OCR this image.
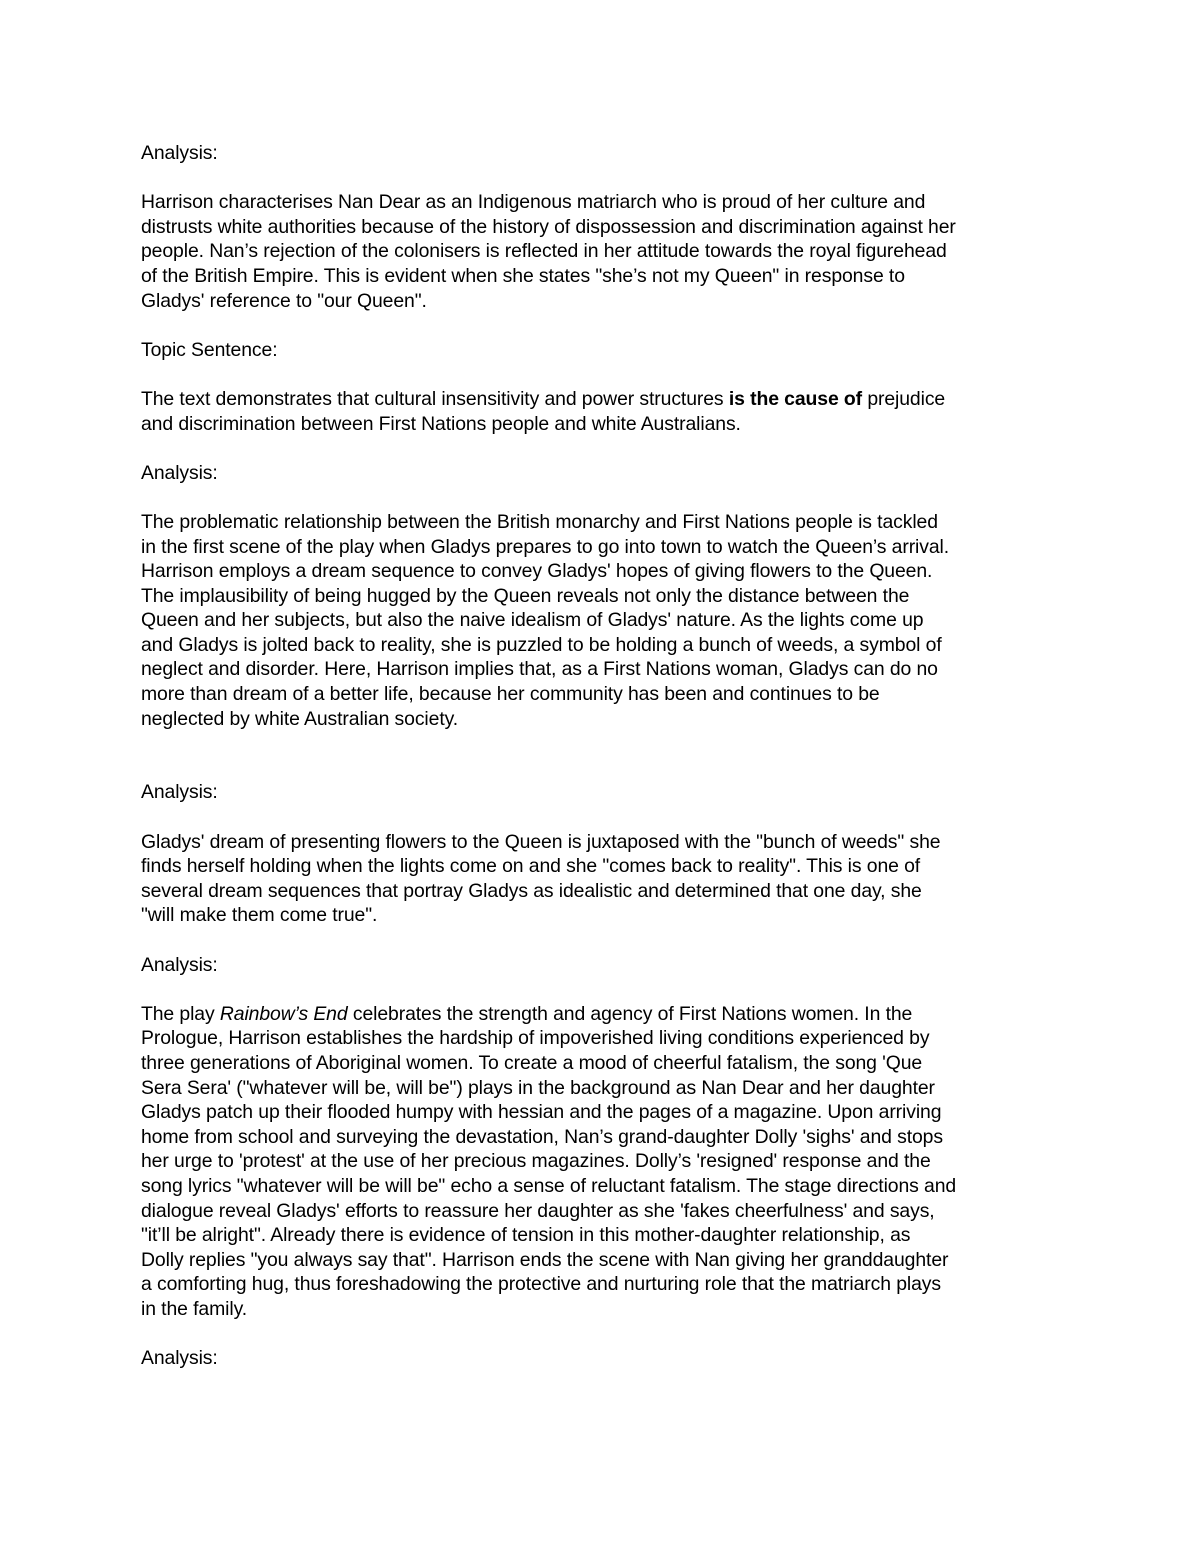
Analysis:
Harrison characterises Nan Dear as an Indigenous matriarch who is proud of her culture and
distrusts white authorities because of the history of dispossession and discrimination against her
people. Nan’s rejection of the colonisers is reflected in her attitude towards the royal figurehead
of the British Empire. This is evident when she states "she’s not my Queen" in response to
Gladys' reference to "our Queen".
Topic Sentence:
The text demonstrates that cultural insensitivity and power structures is the cause of prejudice
and discrimination between First Nations people and white Australians.
Analysis:
The problematic relationship between the British monarchy and First Nations people is tackled
in the first scene of the play when Gladys prepares to go into town to watch the Queen’s arrival.
Harrison employs a dream sequence to convey Gladys' hopes of giving flowers to the Queen.
The implausibility of being hugged by the Queen reveals not only the distance between the
Queen and her subjects, but also the naive idealism of Gladys' nature. As the lights come up
and Gladys is jolted back to reality, she is puzzled to be holding a bunch of weeds, a symbol of
neglect and disorder. Here, Harrison implies that, as a First Nations woman, Gladys can do no
more than dream of a better life, because her community has been and continues to be
neglected by white Australian society.
Analysis:
Gladys' dream of presenting flowers to the Queen is juxtaposed with the "bunch of weeds" she
finds herself holding when the lights come on and she "comes back to reality". This is one of
several dream sequences that portray Gladys as idealistic and determined that one day, she
"will make them come true".
Analysis:
The play Rainbow’s End celebrates the strength and agency of First Nations women. In the
Prologue, Harrison establishes the hardship of impoverished living conditions experienced by
three generations of Aboriginal women. To create a mood of cheerful fatalism, the song 'Que
Sera Sera' ("whatever will be, will be") plays in the background as Nan Dear and her daughter
Gladys patch up their flooded humpy with hessian and the pages of a magazine. Upon arriving
home from school and surveying the devastation, Nan’s grand-daughter Dolly 'sighs' and stops
her urge to 'protest' at the use of her precious magazines. Dolly’s 'resigned' response and the
song lyrics "whatever will be will be" echo a sense of reluctant fatalism. The stage directions and
dialogue reveal Gladys' efforts to reassure her daughter as she 'fakes cheerfulness' and says,
"it’ll be alright". Already there is evidence of tension in this mother-daughter relationship, as
Dolly replies "you always say that". Harrison ends the scene with Nan giving her granddaughter
a comforting hug, thus foreshadowing the protective and nurturing role that the matriarch plays
in the family.
Analysis:
